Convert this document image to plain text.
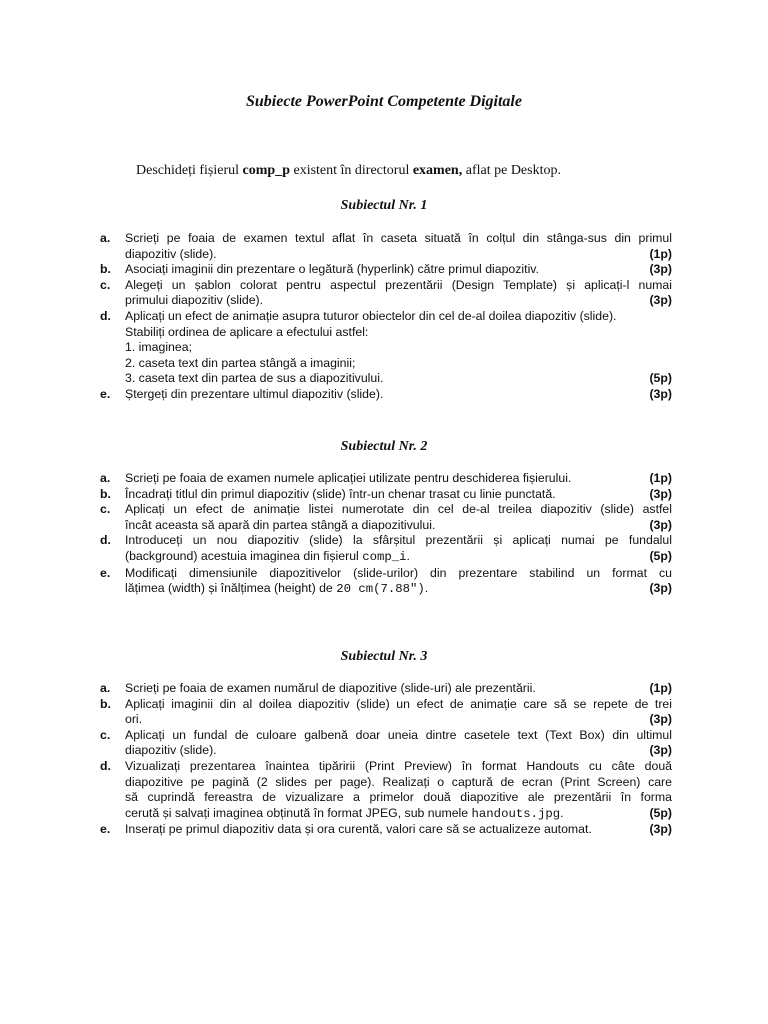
Subiecte PowerPoint Competente Digitale
Deschideți fișierul comp_p existent în directorul examen, aflat pe Desktop.
Subiectul Nr. 1
a. Scrieți pe foaia de examen textul aflat în caseta situată în colțul din stânga-sus din primul
diapozitiv (slide).	(1p)
b. Asociați imaginii din prezentare o legătură (hyperlink) către primul diapozitiv.	(3p)
c. Alegeți un șablon colorat pentru aspectul prezentării (Design Template) și aplicați-l numai
primului diapozitiv (slide).	(3p)
d. Aplicați un efect de animație asupra tuturor obiectelor din cel de-al doilea diapozitiv (slide).
Stabiliți ordinea de aplicare a efectului astfel:
1. imaginea;
2. caseta text din partea stângă a imaginii;
3. caseta text din partea de sus a diapozitivului.	(5p)
e. Ștergeți din prezentare ultimul diapozitiv (slide).	(3p)
Subiectul Nr. 2
a. Scrieți pe foaia de examen numele aplicației utilizate pentru deschiderea fișierului.	(1p)
b. Încadrați titlul din primul diapozitiv (slide) într-un chenar trasat cu linie punctată.	(3p)
c. Aplicați un efect de animație listei numerotate din cel de-al treilea diapozitiv (slide) astfel
încât aceasta să apară din partea stângă a diapozitivului.	(3p)
d. Introduceți un nou diapozitiv (slide) la sfârșitul prezentării și aplicați numai pe fundalul
(background) acestuia imaginea din fișierul comp_i.	(5p)
e. Modificați dimensiunile diapozitivelor (slide-urilor) din prezentare stabilind un format cu
lățimea (width) și înălțimea (height) de 20 cm(7.88").	(3p)
Subiectul Nr. 3
a. Scrieți pe foaia de examen numărul de diapozitive (slide-uri) ale prezentării.	(1p)
b. Aplicați imaginii din al doilea diapozitiv (slide) un efect de animație care să se repete de trei
ori.	(3p)
c. Aplicați un fundal de culoare galbenă doar uneia dintre casetele text (Text Box) din ultimul
diapozitiv (slide).	(3p)
d. Vizualizați prezentarea înaintea tipăririi (Print Preview) în format Handouts cu câte două
diapozitive pe pagină (2 slides per page). Realizați o captură de ecran (Print Screen) care
să cuprindă fereastra de vizualizare a primelor două diapozitive ale prezentării în forma
cerută și salvați imaginea obținută în format JPEG, sub numele handouts.jpg.	(5p)
e. Inserați pe primul diapozitiv data și ora curentă, valori care să se actualizeze automat.	(3p)
